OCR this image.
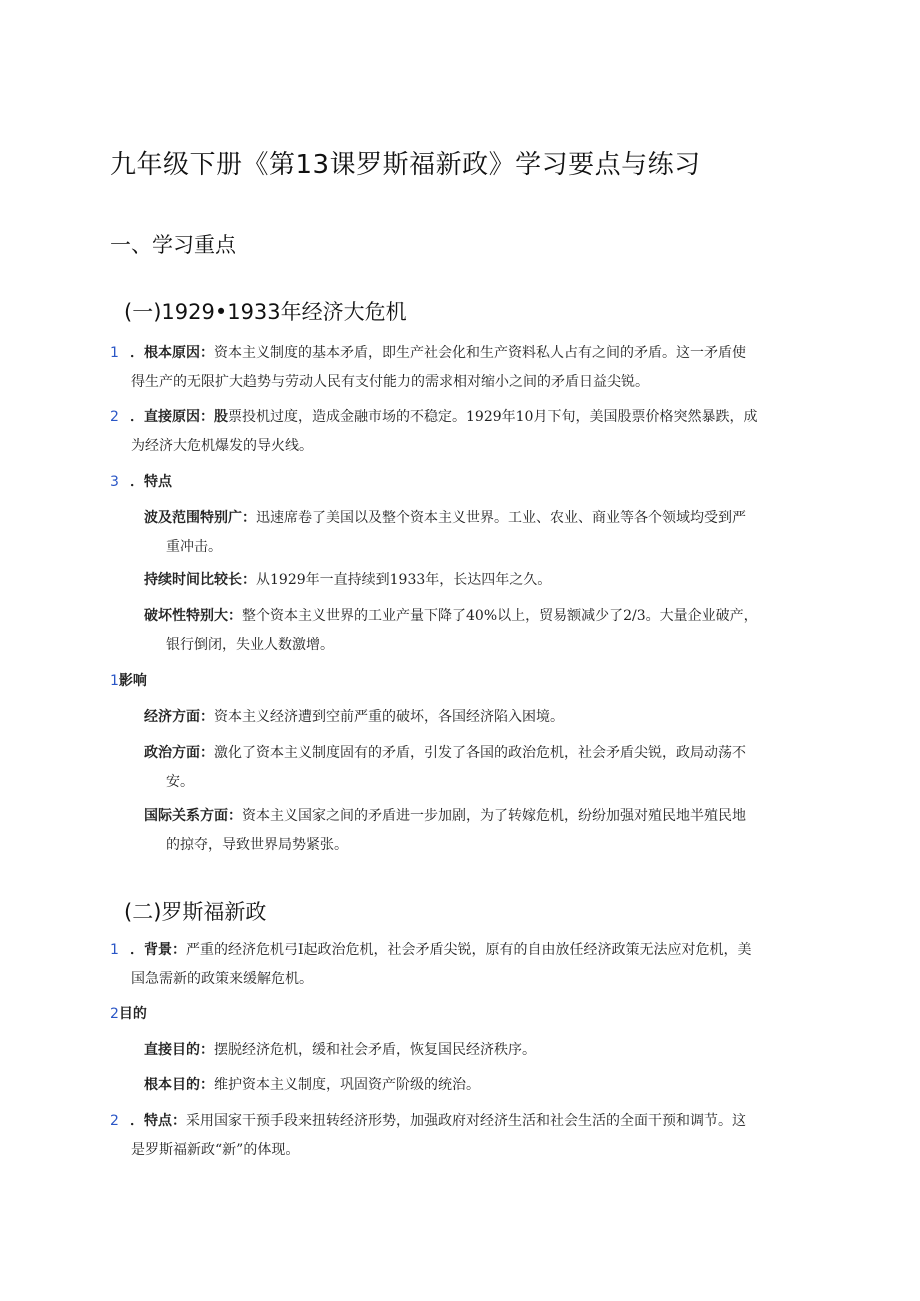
九年级下册《第13课罗斯福新政》学习要点与练习
一、学习重点
(一)1929•1933年经济大危机
1 ．根本原因：资本主义制度的基本矛盾，即生产社会化和生产资料私人占有之间的矛盾。这一矛盾使
得生产的无限扩大趋势与劳动人民有支付能力的需求相对缩小之间的矛盾日益尖锐。
2 ．直接原因：股票投机过度，造成金融市场的不稳定。1929年10月下旬，美国股票价格突然暴跌，成
为经济大危机爆发的导火线。
3 ．特点
波及范围特别广：迅速席卷了美国以及整个资本主义世界。工业、农业、商业等各个领域均受到严
重冲击。
持续时间比较长：从1929年一直持续到1933年，长达四年之久。
破坏性特别大：整个资本主义世界的工业产量下降了40%以上，贸易额减少了2/3。大量企业破产，
银行倒闭，失业人数激增。
1影响
经济方面：资本主义经济遭到空前严重的破坏，各国经济陷入困境。
政治方面：激化了资本主义制度固有的矛盾，引发了各国的政治危机，社会矛盾尖锐，政局动荡不
安。
国际关系方面：资本主义国家之间的矛盾进一步加剧，为了转嫁危机，纷纷加强对殖民地半殖民地
的掠夺，导致世界局势紧张。
(二)罗斯福新政
1 ．背景：严重的经济危机弓I起政治危机，社会矛盾尖锐，原有的自由放任经济政策无法应对危机，美
国急需新的政策来缓解危机。
2目的
直接目的：摆脱经济危机，缓和社会矛盾，恢复国民经济秩序。
根本目的：维护资本主义制度，巩固资产阶级的统治。
2 ．特点：采用国家干预手段来扭转经济形势，加强政府对经济生活和社会生活的全面干预和调节。这
是罗斯福新政“新”的体现。
